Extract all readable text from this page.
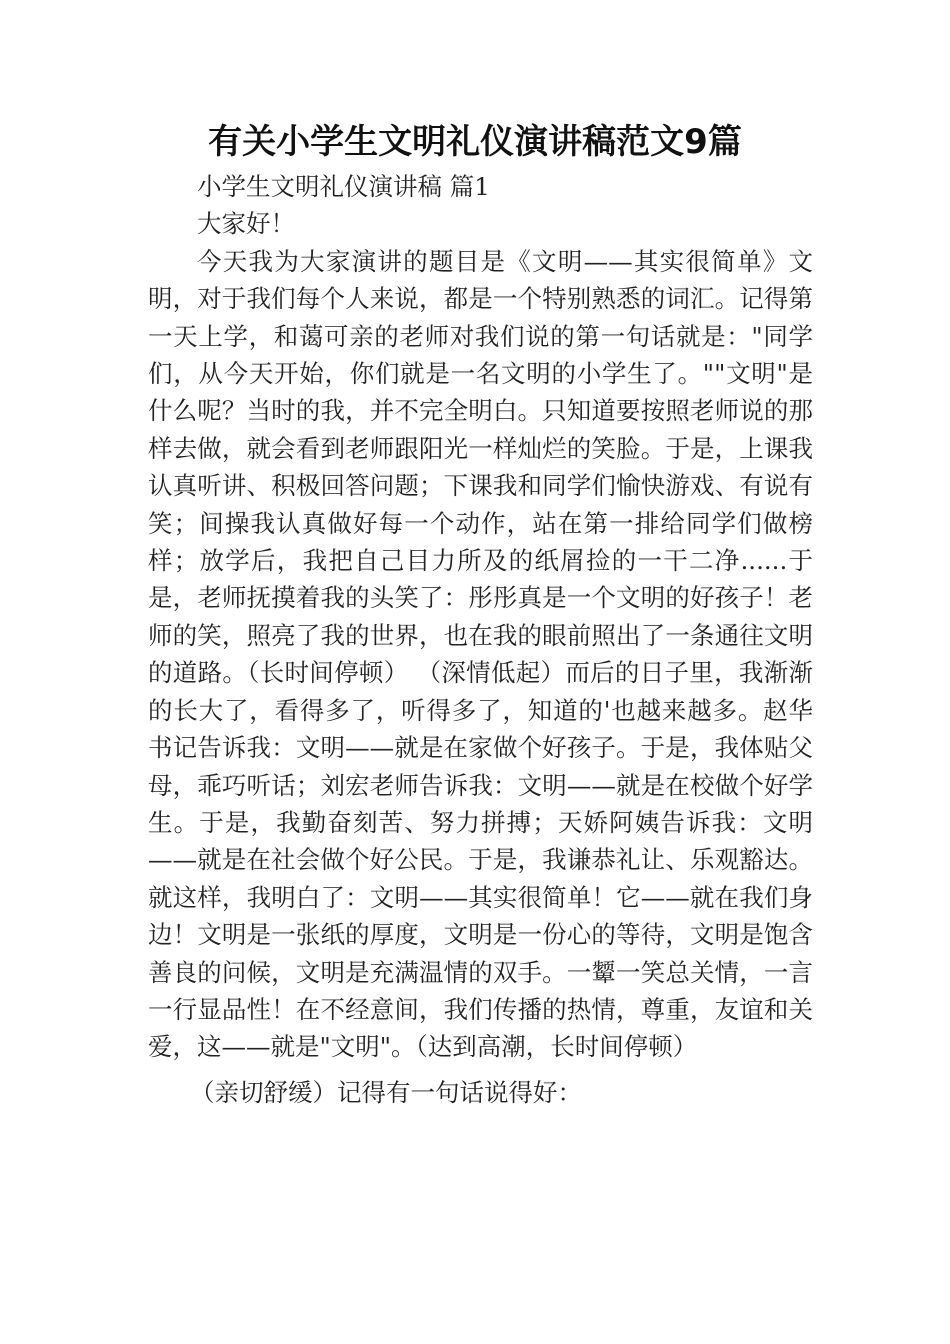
有关小学生文明礼仪演讲稿范文9篇

小学生文明礼仪演讲稿 篇1

大家好！

今天我为大家演讲的题目是《文明——其实很简单》文明，对于我们每个人来说，都是一个特别熟悉的词汇。记得第一天上学，和蔼可亲的老师对我们说的第一句话就是："同学们，从今天开始，你们就是一名文明的小学生了。""文明"是什么呢？当时的我，并不完全明白。只知道要按照老师说的那样去做，就会看到老师跟阳光一样灿烂的笑脸。于是，上课我认真听讲、积极回答问题；下课我和同学们愉快游戏、有说有笑；间操我认真做好每一个动作，站在第一排给同学们做榜样；放学后，我把自己目力所及的纸屑捡的一干二净......于是，老师抚摸着我的头笑了：彤彤真是一个文明的好孩子！老师的笑，照亮了我的世界，也在我的眼前照出了一条通往文明的道路。（长时间停顿） （深情低起）而后的日子里，我渐渐的长大了，看得多了，听得多了，知道的'也越来越多。赵华书记告诉我：文明——就是在家做个好孩子。于是，我体贴父母，乖巧听话；刘宏老师告诉我：文明——就是在校做个好学生。于是，我勤奋刻苦、努力拼搏；天娇阿姨告诉我：文明——就是在社会做个好公民。于是，我谦恭礼让、乐观豁达。就这样，我明白了：文明——其实很简单！它——就在我们身边！文明是一张纸的厚度，文明是一份心的等待，文明是饱含善良的问候，文明是充满温情的双手。一颦一笑总关情，一言一行显品性！在不经意间，我们传播的热情，尊重，友谊和关爱，这——就是"文明"。（达到高潮，长时间停顿）

（亲切舒缓）记得有一句话说得好：
